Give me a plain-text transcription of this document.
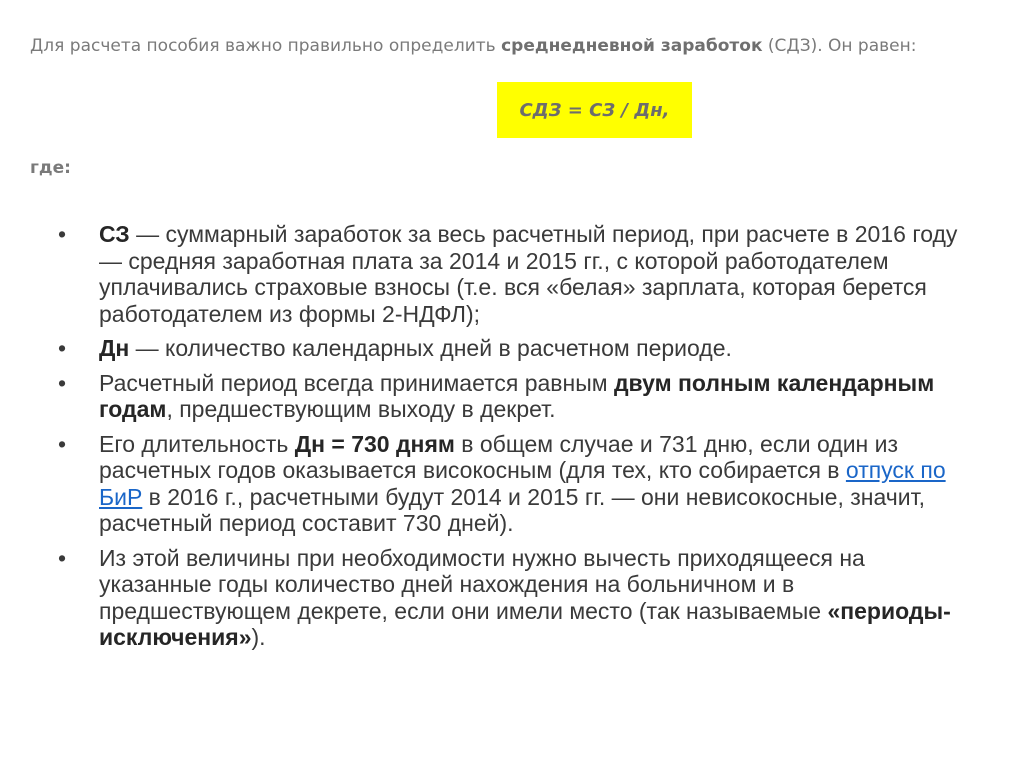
Для расчета пособия важно правильно определить среднедневной заработок (СДЗ). Он равен:
СДЗ = СЗ / Дн,
где:
• СЗ — суммарный заработок за весь расчетный период, при расчете в 2016 году — средняя заработная плата за 2014 и 2015 гг., с которой работодателем уплачивались страховые взносы (т.е. вся «белая» зарплата, которая берется работодателем из формы 2-НДФЛ);
• Дн — количество календарных дней в расчетном периоде.
• Расчетный период всегда принимается равным двум полным календарным годам, предшествующим выходу в декрет.
• Его длительность Дн = 730 дням в общем случае и 731 дню, если один из расчетных годов оказывается високосным (для тех, кто собирается в отпуск по БиР в 2016 г., расчетными будут 2014 и 2015 гг. — они невисокосные, значит, расчетный период составит 730 дней).
• Из этой величины при необходимости нужно вычесть приходящееся на указанные годы количество дней нахождения на больничном и в предшествующем декрете, если они имели место (так называемые «периоды-исключения»).
